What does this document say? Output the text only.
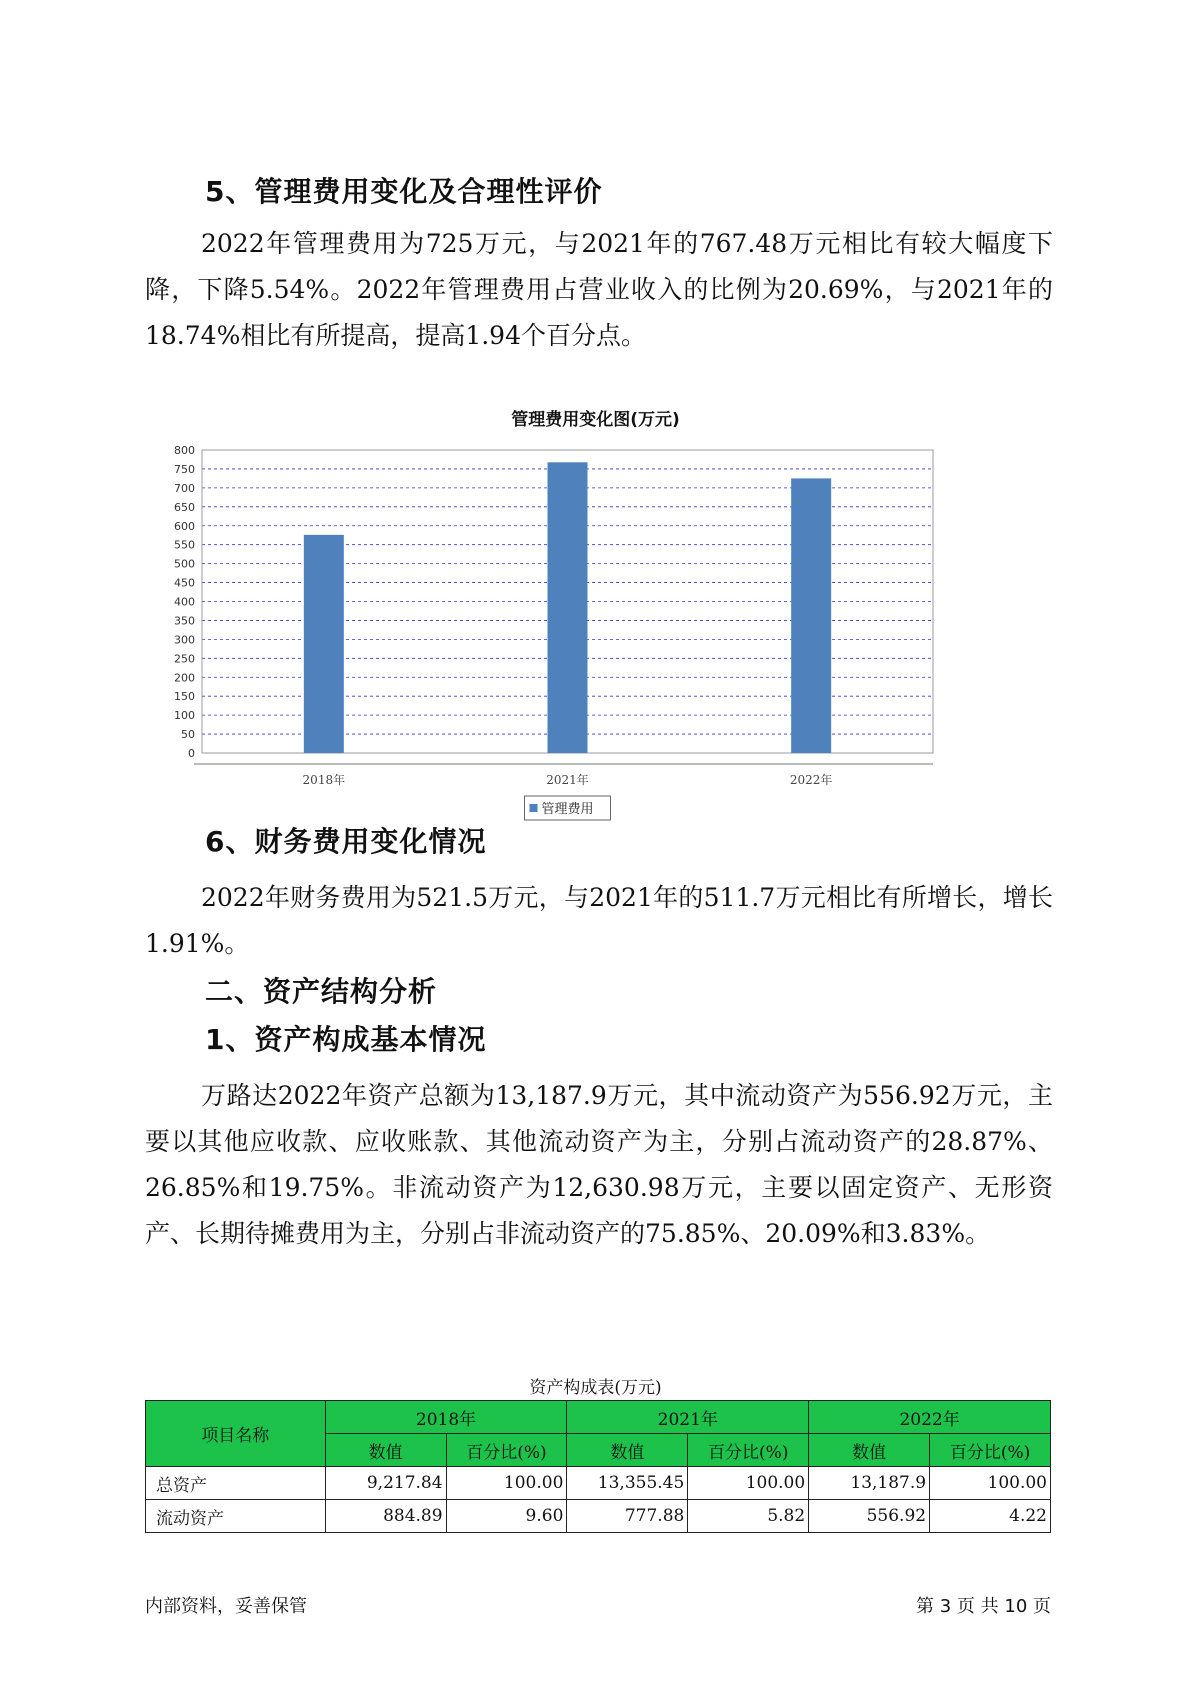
5、管理费用变化及合理性评价

2022年管理费用为725万元，与2021年的767.48万元相比有较大幅度下降，下降5.54%。2022年管理费用占营业收入的比例为20.69%，与2021年的18.74%相比有所提高，提高1.94个百分点。

管理费用变化图(万元)
0
50
100
150
200
250
300
350
400
450
500
550
600
650
700
750
800
2018年	2021年	2022年
管理费用
6、财务费用变化情况

2022年财务费用为521.5万元，与2021年的511.7万元相比有所增长，增长1.91%。

二、资产结构分析
1、资产构成基本情况

万路达2022年资产总额为13,187.9万元，其中流动资产为556.92万元，主要以其他应收款、应收账款、其他流动资产为主，分别占流动资产的28.87%、26.85%和19.75%。非流动资产为12,630.98万元，主要以固定资产、无形资产、长期待摊费用为主，分别占非流动资产的75.85%、20.09%和3.83%。

资产构成表(万元)
项目名称	2018年		2021年		2022年	
	数值	百分比(%)	数值	百分比(%)	数值	百分比(%)
总资产	9,217.84	100.00	13,355.45	100.00	13,187.9	100.00
流动资产	884.89	9.60	777.88	5.82	556.92	4.22
内部资料，妥善保管	第 3 页 共 10 页
